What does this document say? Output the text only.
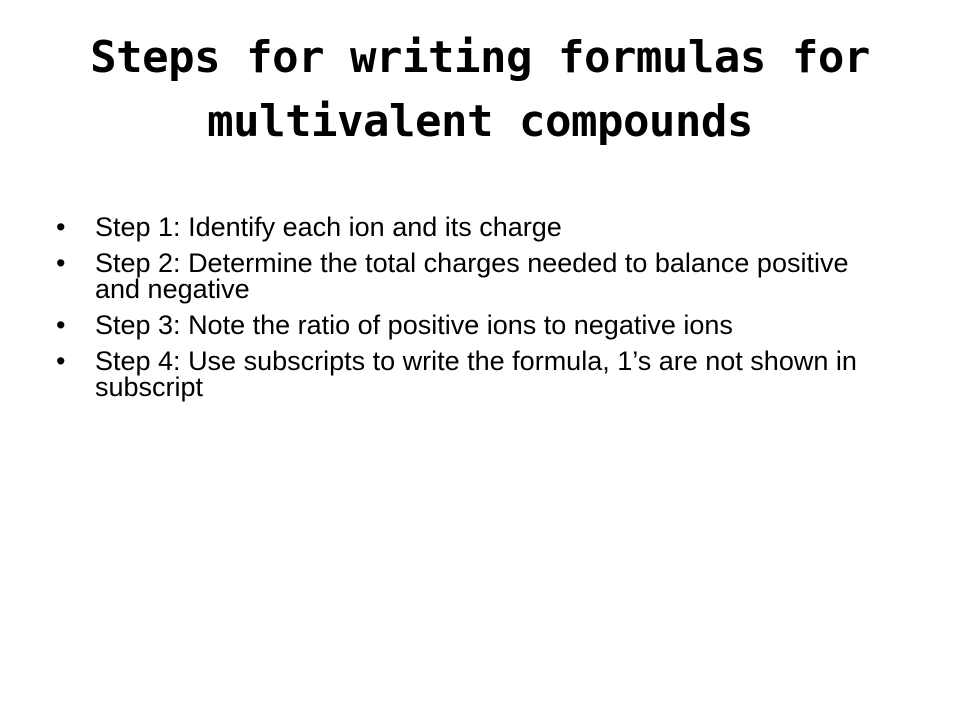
Steps for writing formulas for
multivalent compounds
• Step 1: Identify each ion and its charge
• Step 2: Determine the total charges needed to balance positive and negative
• Step 3: Note the ratio of positive ions to negative ions
• Step 4: Use subscripts to write the formula, 1’s are not shown in subscript
